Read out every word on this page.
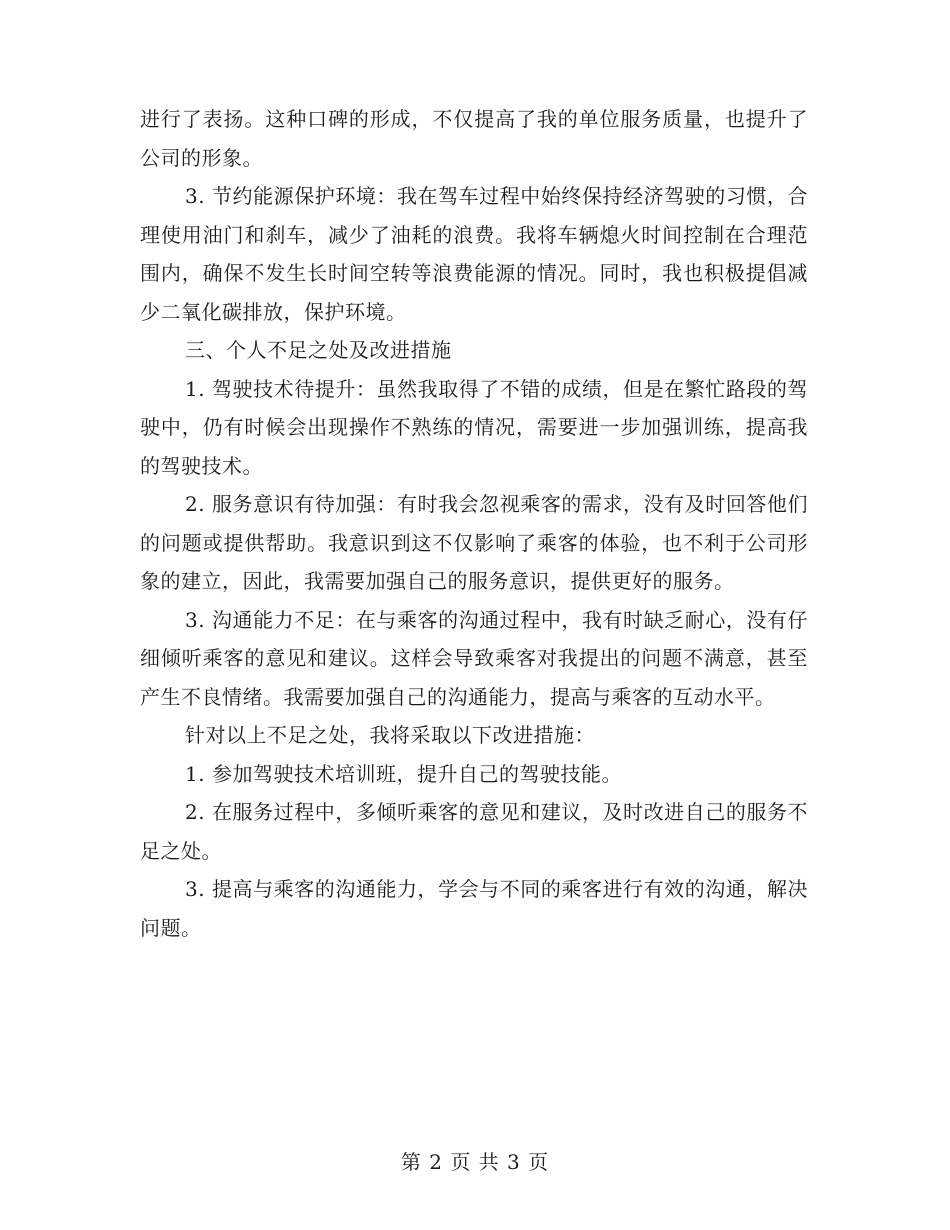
进行了表扬。这种口碑的形成，不仅提高了我的单位服务质量，也提升了公司的形象。

3. 节约能源保护环境：我在驾车过程中始终保持经济驾驶的习惯，合理使用油门和刹车，减少了油耗的浪费。我将车辆熄火时间控制在合理范围内，确保不发生长时间空转等浪费能源的情况。同时，我也积极提倡减少二氧化碳排放，保护环境。

三、个人不足之处及改进措施

1. 驾驶技术待提升：虽然我取得了不错的成绩，但是在繁忙路段的驾驶中，仍有时候会出现操作不熟练的情况，需要进一步加强训练，提高我的驾驶技术。

2. 服务意识有待加强：有时我会忽视乘客的需求，没有及时回答他们的问题或提供帮助。我意识到这不仅影响了乘客的体验，也不利于公司形象的建立，因此，我需要加强自己的服务意识，提供更好的服务。

3. 沟通能力不足：在与乘客的沟通过程中，我有时缺乏耐心，没有仔细倾听乘客的意见和建议。这样会导致乘客对我提出的问题不满意，甚至产生不良情绪。我需要加强自己的沟通能力，提高与乘客的互动水平。

针对以上不足之处，我将采取以下改进措施：

1. 参加驾驶技术培训班，提升自己的驾驶技能。

2. 在服务过程中，多倾听乘客的意见和建议，及时改进自己的服务不足之处。

3. 提高与乘客的沟通能力，学会与不同的乘客进行有效的沟通，解决问题。

第 2 页 共 3 页
